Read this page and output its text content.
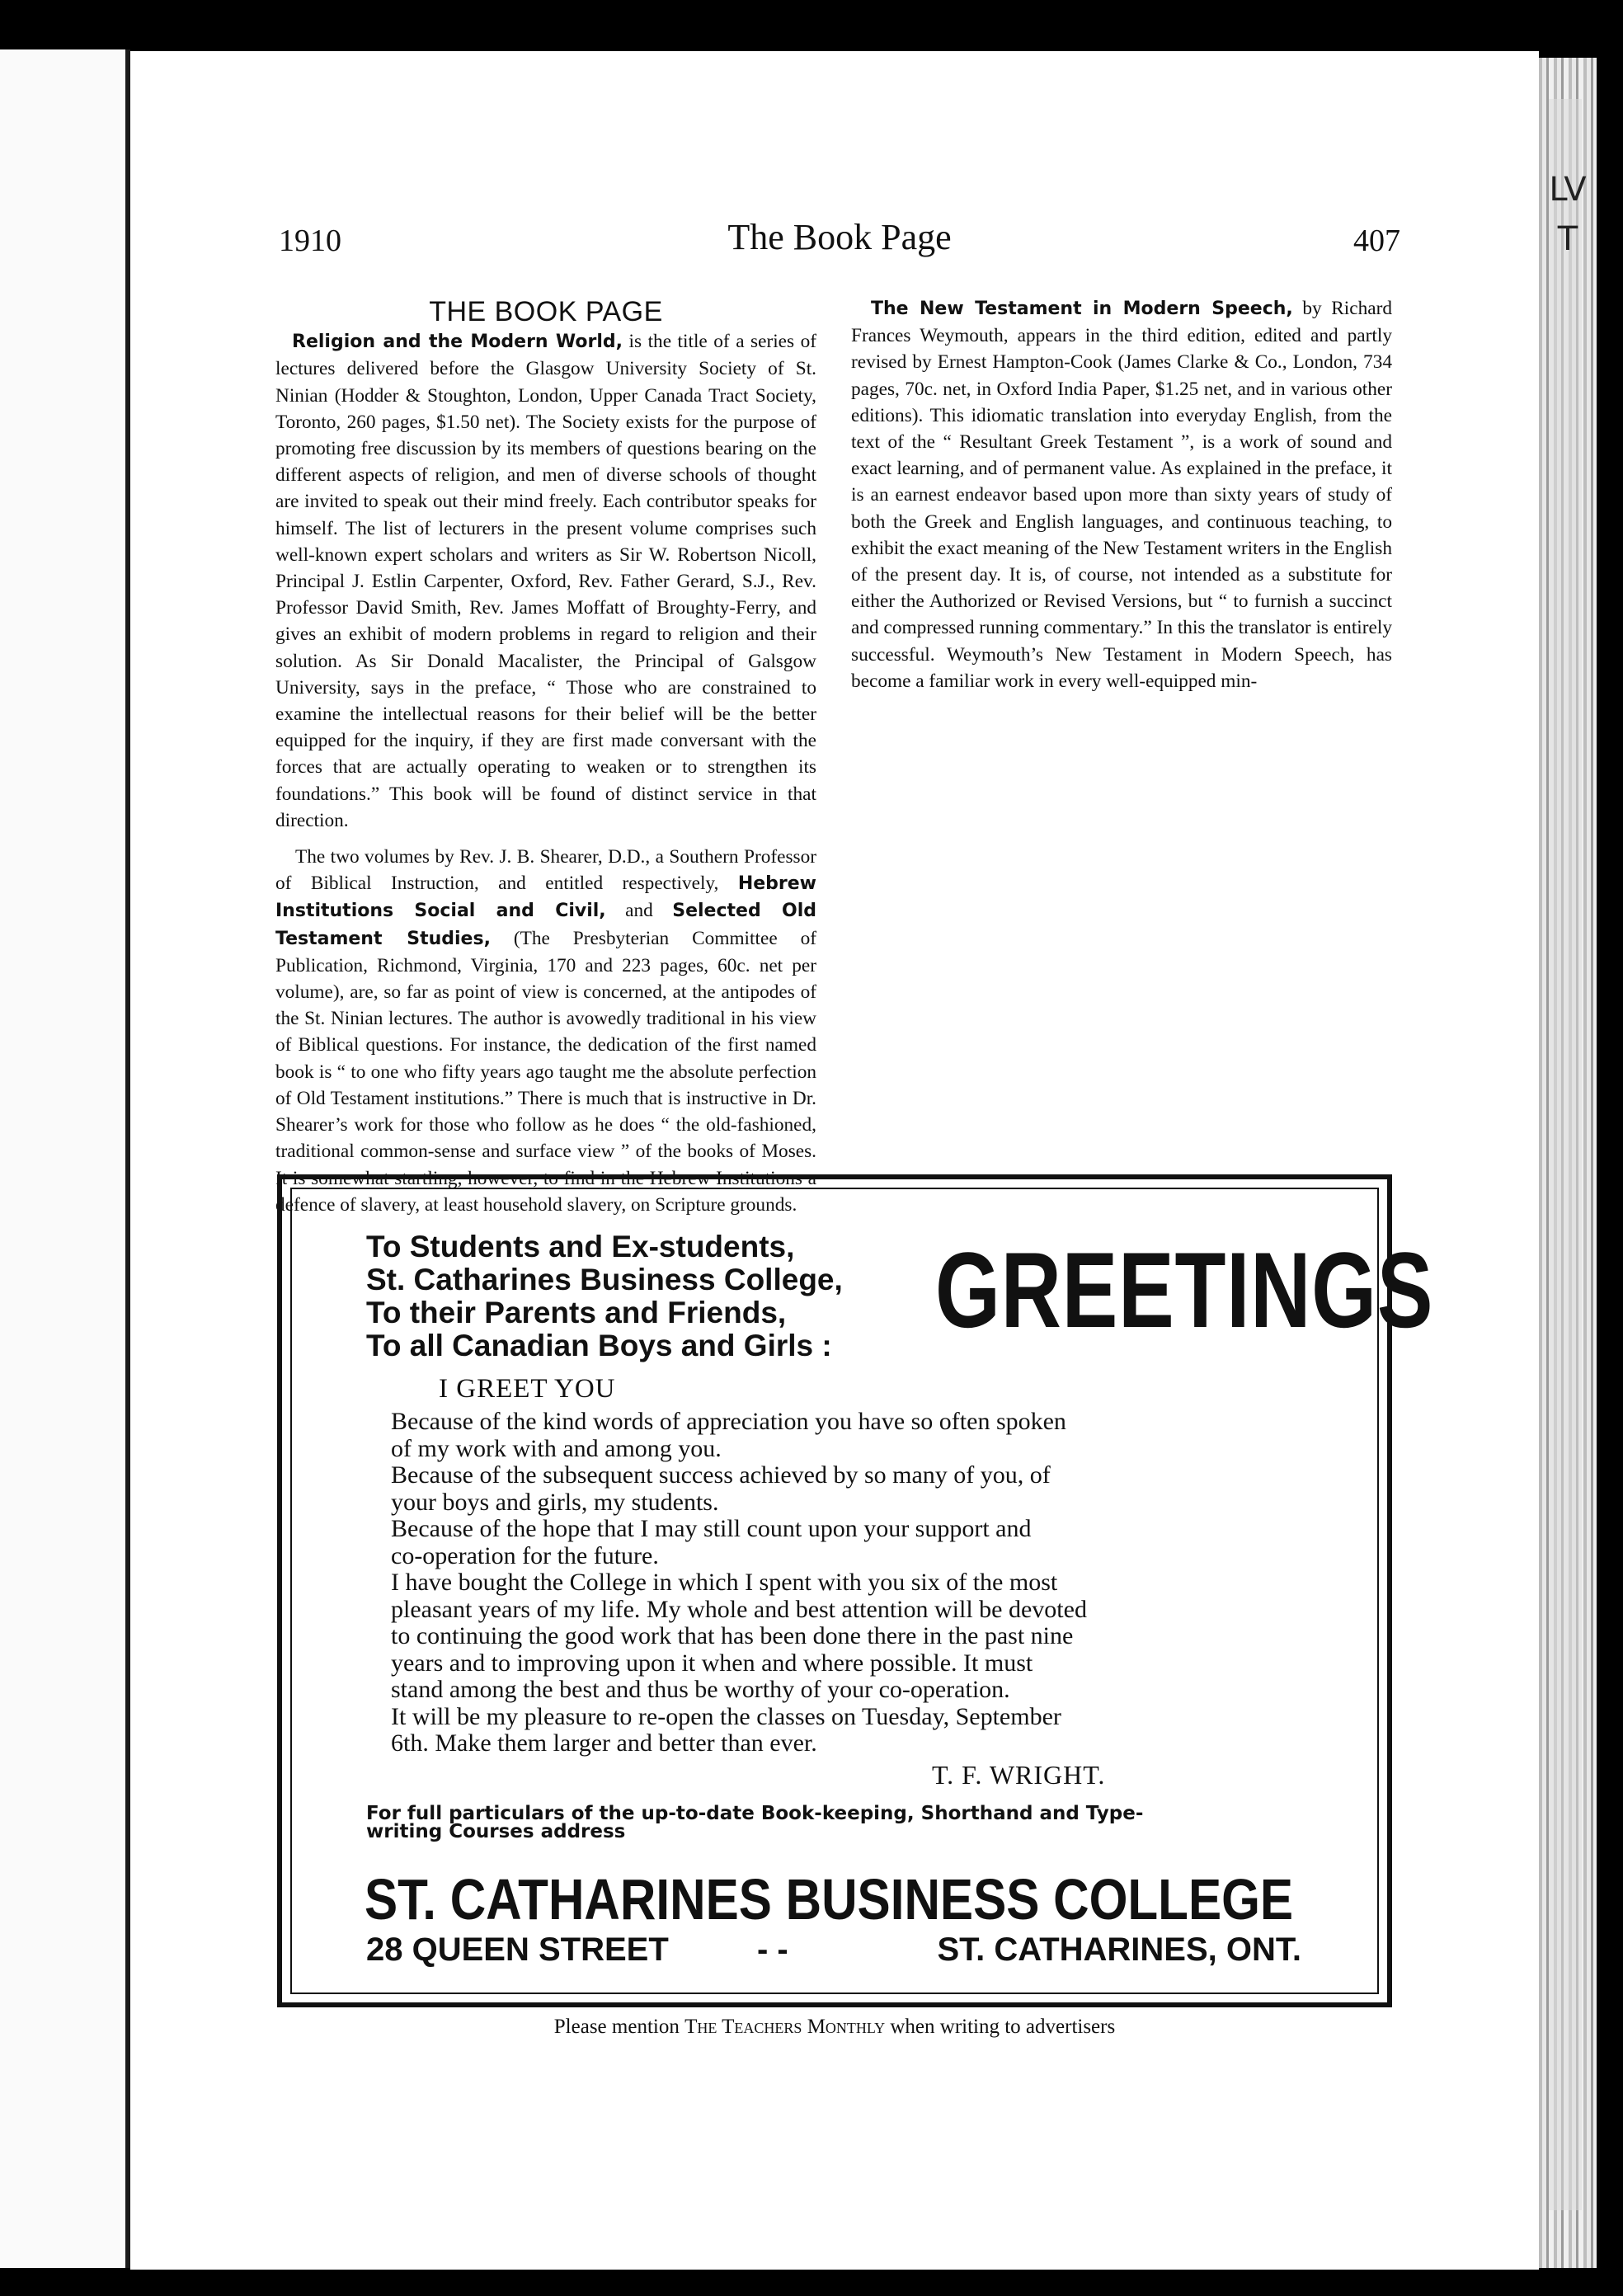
LV T
1910	The Book Page	407
THE BOOK PAGE

Religion and the Modern World, is the title of a series of lectures delivered before the Glasgow University Society of St. Ninian (Hodder & Stoughton, London, Upper Canada Tract Society, Toronto, 260 pages, $1.50 net). The Society exists for the purpose of promoting free discussion by its members of questions bearing on the different aspects of religion, and men of diverse schools of thought are invited to speak out their mind freely. Each contributor speaks for himself. The list of lecturers in the present volume comprises such well-known expert scholars and writers as Sir W. Robertson Nicoll, Principal J. Estlin Carpenter, Oxford, Rev. Father Gerard, S.J., Rev. Professor David Smith, Rev. James Moffatt of Broughty-Ferry, and gives an exhibit of modern problems in regard to religion and their solution. As Sir Donald Macalister, the Principal of Galsgow University, says in the preface, “ Those who are constrained to examine the intellectual reasons for their belief will be the better equipped for the inquiry, if they are first made conversant with the forces that are actually operating to weaken or to strengthen its foundations.” This book will be found of distinct service in that direction.

The two volumes by Rev. J. B. Shearer, D.D., a Southern Professor of Biblical Instruction, and entitled respectively, Hebrew Institutions Social and Civil, and Selected Old Testament Studies, (The Presbyterian Committee of Publication, Richmond, Virginia, 170 and 223 pages, 60c. net per volume), are, so far as point of view is concerned, at the antipodes of the St. Ninian lectures. The author is avowedly traditional in his view of Biblical questions. For instance, the dedication of the first named book is “ to one who fifty years ago taught me the absolute perfection of Old Testament institutions.” There is much that is instructive in Dr. Shearer’s work for those who follow as he does “ the old-fashioned, traditional common-sense and surface view ” of the books of Moses. It is somewhat startling, however, to find in the Hebrew Institutions a defence of slavery, at least household slavery, on Scripture grounds.

The New Testament in Modern Speech, by Richard Frances Weymouth, appears in the third edition, edited and partly revised by Ernest Hampton-Cook (James Clarke & Co., London, 734 pages, 70c. net, in Oxford India Paper, $1.25 net, and in various other editions). This idiomatic translation into everyday English, from the text of the “ Resultant Greek Testament ”, is a work of sound and exact learning, and of permanent value. As explained in the preface, it is an earnest endeavor based upon more than sixty years of study of both the Greek and English languages, and continuous teaching, to exhibit the exact meaning of the New Testament writers in the English of the present day. It is, of course, not intended as a substitute for either the Authorized or Revised Versions, but “ to furnish a succinct and compressed running commentary.” In this the translator is entirely successful. Weymouth’s New Testament in Modern Speech, has become a familiar work in every well-equipped min-

To Students and Ex-students,
St. Catharines Business College,
To their Parents and Friends,
To all Canadian Boys and Girls : GREETINGS
I GREET YOU
Because of the kind words of appreciation you have so often spoken
of my work with and among you.
Because of the subsequent success achieved by so many of you, of
your boys and girls, my students.
Because of the hope that I may still count upon your support and
co-operation for the future.
I have bought the College in which I spent with you six of the most
pleasant years of my life. My whole and best attention will be devoted
to continuing the good work that has been done there in the past nine
years and to improving upon it when and where possible. It must
stand among the best and thus be worthy of your co-operation.
It will be my pleasure to re-open the classes on Tuesday, September
6th. Make them larger and better than ever.
T. F. WRIGHT.
For full particulars of the up-to-date Book-keeping, Shorthand and Type-
writing Courses address
ST. CATHARINES BUSINESS COLLEGE
28 QUEEN STREET	- -	ST. CATHARINES, ONT.
Please mention The Teachers Monthly when writing to advertisers
